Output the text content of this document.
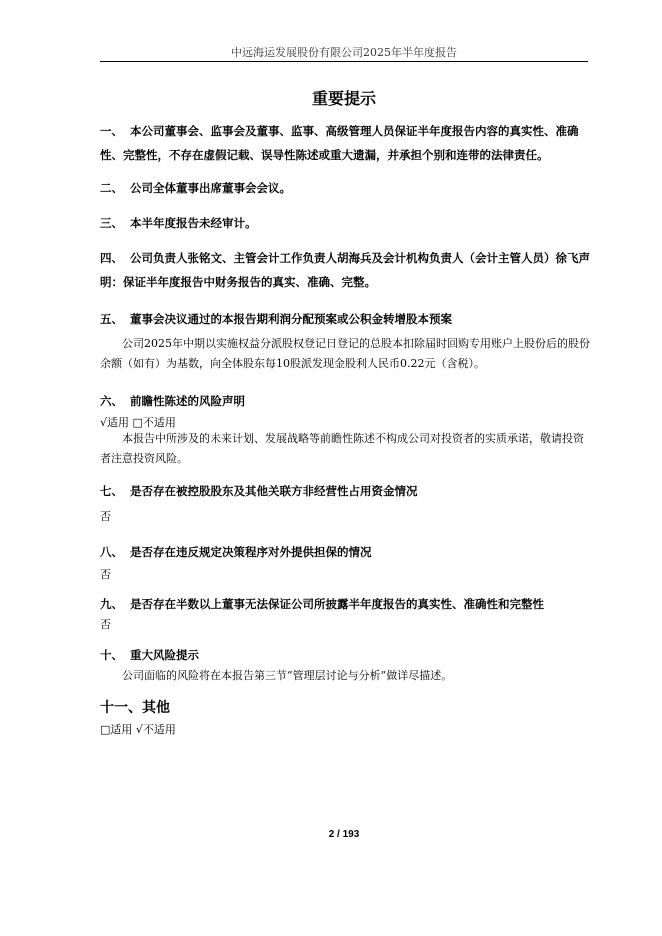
中远海运发展股份有限公司2025年半年度报告
重要提示
一、 本公司董事会、监事会及董事、监事、高级管理人员保证半年度报告内容的真实性、准确性、完整性，不存在虚假记载、误导性陈述或重大遗漏，并承担个别和连带的法律责任。
二、 公司全体董事出席董事会会议。
三、 本半年度报告未经审计。
四、 公司负责人张铭文、主管会计工作负责人胡海兵及会计机构负责人（会计主管人员）徐飞声明：保证半年度报告中财务报告的真实、准确、完整。
五、 董事会决议通过的本报告期利润分配预案或公积金转增股本预案
公司2025年中期以实施权益分派股权登记日登记的总股本扣除届时回购专用账户上股份后的股份余额（如有）为基数，向全体股东每10股派发现金股利人民币0.22元（含税）。
六、 前瞻性陈述的风险声明
√适用 □不适用
本报告中所涉及的未来计划、发展战略等前瞻性陈述不构成公司对投资者的实质承诺，敬请投资者注意投资风险。
七、 是否存在被控股股东及其他关联方非经营性占用资金情况
否
八、 是否存在违反规定决策程序对外提供担保的情况
否
九、 是否存在半数以上董事无法保证公司所披露半年度报告的真实性、准确性和完整性
否
十、 重大风险提示
公司面临的风险将在本报告第三节“管理层讨论与分析”做详尽描述。
十一、其他
□适用 √不适用
2 / 193
